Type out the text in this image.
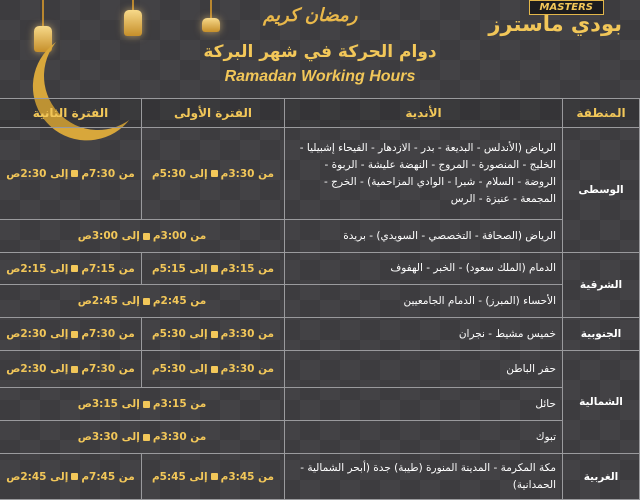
رمضان كريم	MASTERS
بودي ماسترز
دوام الحركة في شهر البركة
Ramadan Working Hours
المنطقة	الأندية	الفترة الأولى	الفترة الثانية
الوسطى	الرياض (الأندلس - البديعة - بدر - الازدهار - الفيحاء إشبيليا - الخليج - المنصورة - المروج - النهضة عليشة - الربوة - الروضة - السلام - شبرا - الوادي المزاحمية) - الخرج - المجمعة - عنيزة - الرس	من 3:30مإلى 5:30م	من 7:30مإلى 2:30ص
	الرياض (الصحافة - التخصصي - السويدي) - بريدة	من 3:00مإلى 3:00ص	
الشرقية	الدمام (الملك سعود) - الخبر - الهفوف	من 3:15مإلى 5:15م	من 7:15مإلى 2:15ص
	الأحساء (المبرز) - الدمام الجامعيين	من 2:45مإلى 2:45ص	
الجنوبية	خميس مشيط - نجران	من 3:30مإلى 5:30م	من 7:30مإلى 2:30ص
الشمالية	حفر الباطن	من 3:30مإلى 5:30م	من 7:30مإلى 2:30ص
	حائل	من 3:15مإلى 3:15ص	
	تبوك	من 3:30مإلى 3:30ص	
الغربية	مكة المكرمة - المدينة المنورة (طيبة) جدة (أبحر الشمالية - الحمدانية)	من 3:45مإلى 5:45م	من 7:45مإلى 2:45ص
